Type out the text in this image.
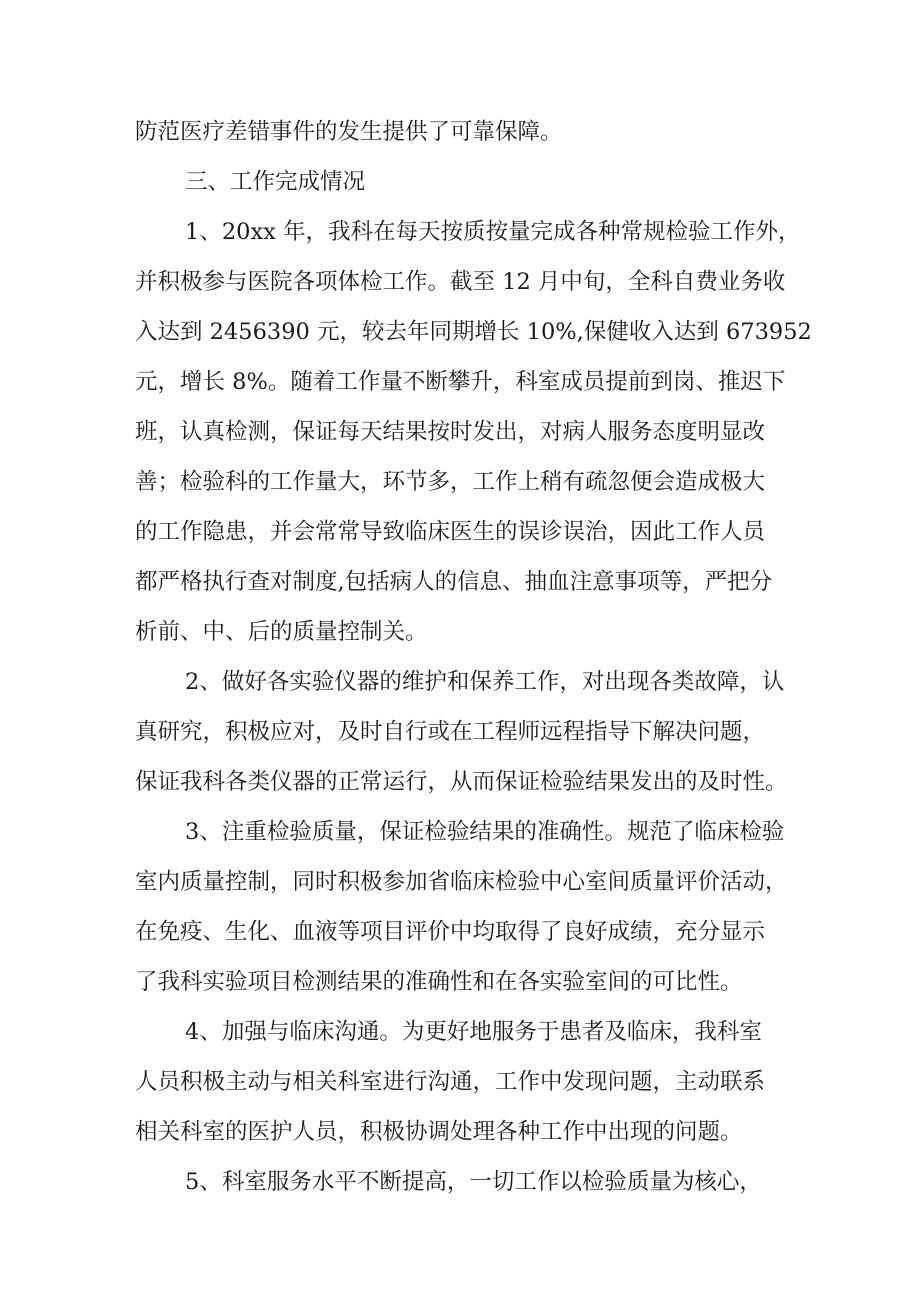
防范医疗差错事件的发生提供了可靠保障。

三、工作完成情况

1、20xx 年，我科在每天按质按量完成各种常规检验工作外，

并积极参与医院各项体检工作。截至 12 月中旬，全科自费业务收

入达到 2456390 元，较去年同期增长 10%,保健收入达到 673952

元，增长 8%。随着工作量不断攀升，科室成员提前到岗、推迟下

班，认真检测，保证每天结果按时发出，对病人服务态度明显改

善；检验科的工作量大，环节多，工作上稍有疏忽便会造成极大

的工作隐患，并会常常导致临床医生的误诊误治，因此工作人员

都严格执行查对制度,包括病人的信息、抽血注意事项等，严把分

析前、中、后的质量控制关。

2、做好各实验仪器的维护和保养工作，对出现各类故障，认

真研究，积极应对，及时自行或在工程师远程指导下解决问题，

保证我科各类仪器的正常运行，从而保证检验结果发出的及时性。

3、注重检验质量，保证检验结果的准确性。规范了临床检验

室内质量控制，同时积极参加省临床检验中心室间质量评价活动，

在免疫、生化、血液等项目评价中均取得了良好成绩，充分显示

了我科实验项目检测结果的准确性和在各实验室间的可比性。

4、加强与临床沟通。为更好地服务于患者及临床，我科室

人员积极主动与相关科室进行沟通，工作中发现问题，主动联系

相关科室的医护人员，积极协调处理各种工作中出现的问题。

5、科室服务水平不断提高，一切工作以检验质量为核心，
